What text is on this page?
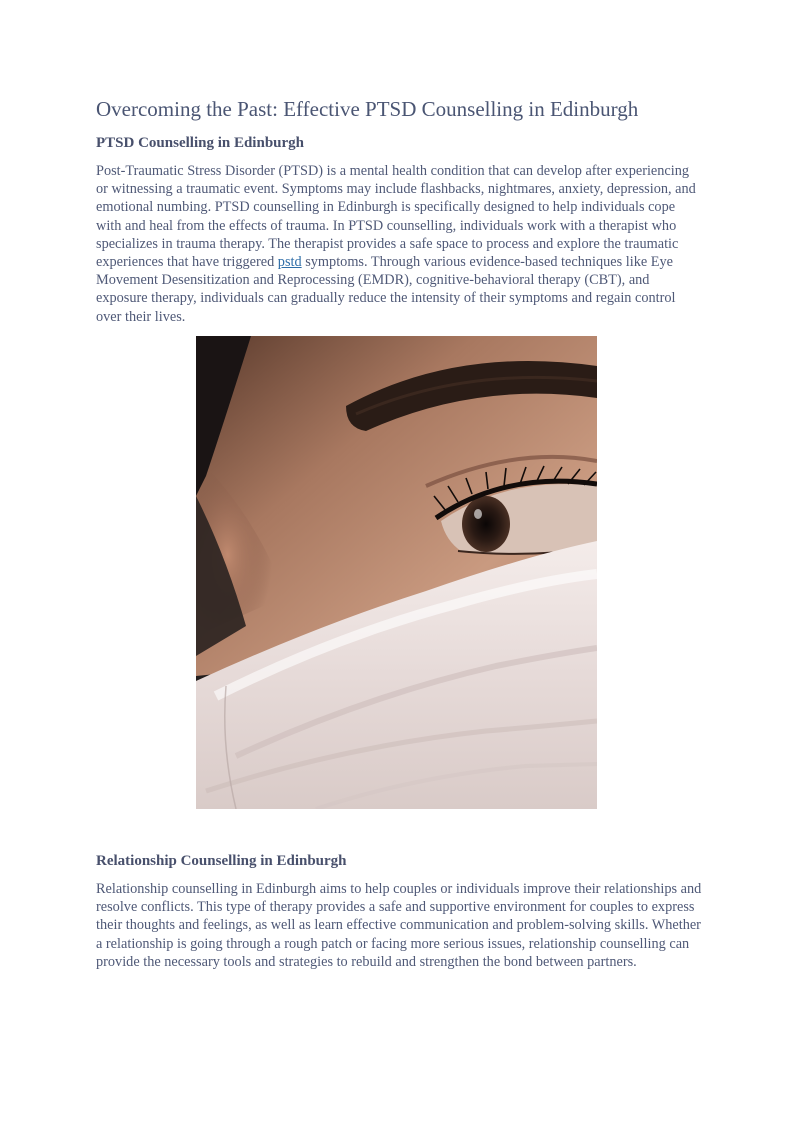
Overcoming the Past: Effective PTSD Counselling in Edinburgh
PTSD Counselling in Edinburgh

Post-Traumatic Stress Disorder (PTSD) is a mental health condition that can develop after experiencing or witnessing a traumatic event. Symptoms may include flashbacks, nightmares, anxiety, depression, and emotional numbing. PTSD counselling in Edinburgh is specifically designed to help individuals cope with and heal from the effects of trauma. In PTSD counselling, individuals work with a therapist who specializes in trauma therapy. The therapist provides a safe space to process and explore the traumatic experiences that have triggered pstd symptoms. Through various evidence-based techniques like Eye Movement Desensitization and Reprocessing (EMDR), cognitive-behavioral therapy (CBT), and exposure therapy, individuals can gradually reduce the intensity of their symptoms and regain control over their lives.

Relationship Counselling in Edinburgh

Relationship counselling in Edinburgh aims to help couples or individuals improve their relationships and resolve conflicts. This type of therapy provides a safe and supportive environment for couples to express their thoughts and feelings, as well as learn effective communication and problem-solving skills. Whether a relationship is going through a rough patch or facing more serious issues, relationship counselling can provide the necessary tools and strategies to rebuild and strengthen the bond between partners.
